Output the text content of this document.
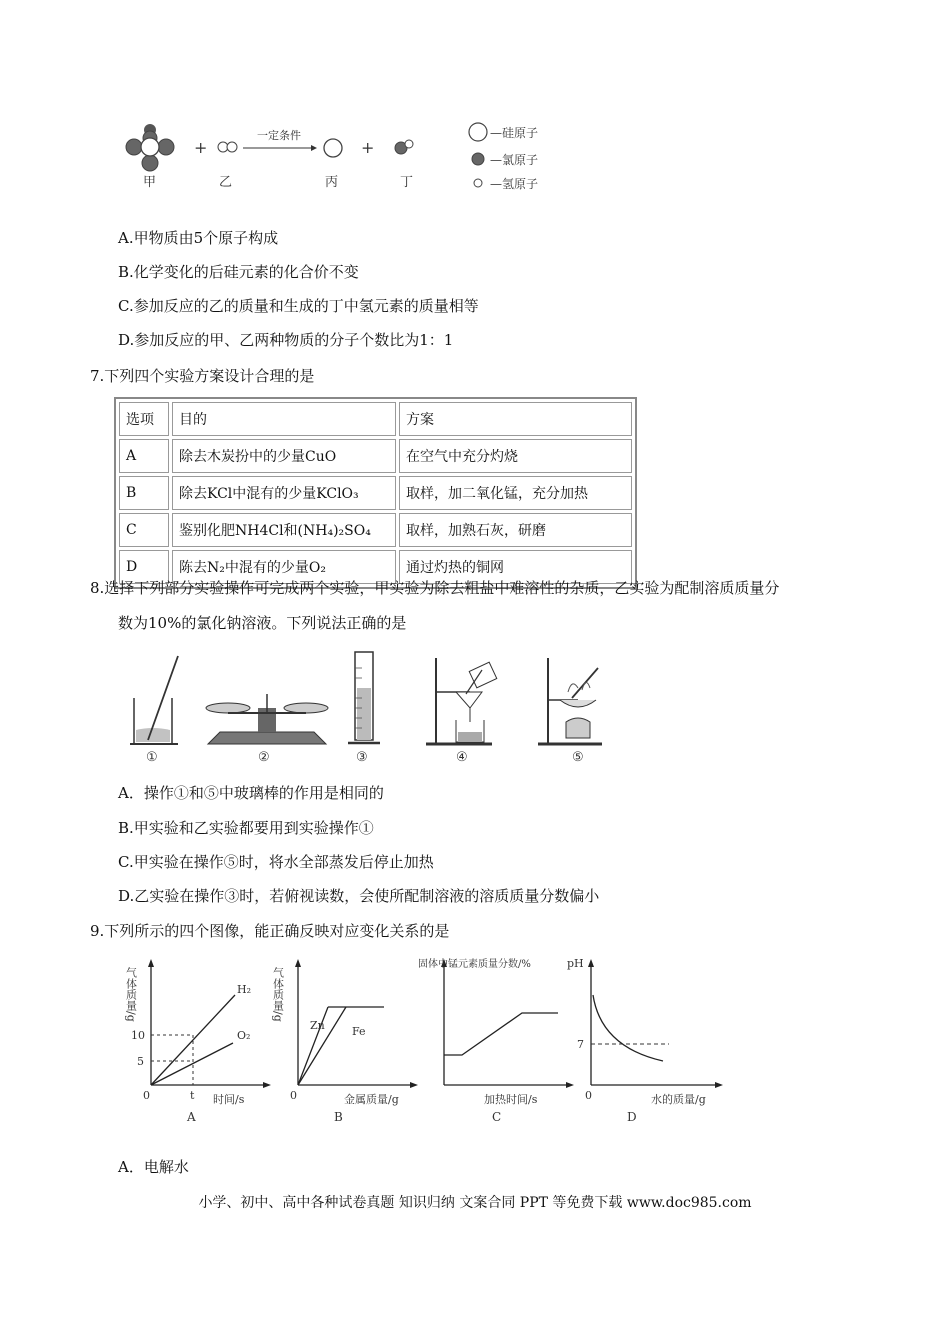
+
一定条件
+
甲	乙	丙	丁
—硅原子
—氯原子
—氢原子
A.甲物质由5个原子构成
B.化学变化的后硅元素的化合价不变
C.参加反应的乙的质量和生成的丁中氢元素的质量相等
D.参加反应的甲、乙两种物质的分子个数比为1：1
7.下列四个实验方案设计合理的是
选项	目的	方案
A	除去木炭扮中的少量CuO	在空气中充分灼烧
B	除去KCl中混有的少量KClO₃	取样，加二氧化锰，充分加热
C	鉴别化肥NH4Cl和(NH₄)₂SO₄	取样，加熟石灰，研磨
D	陈去N₂中混有的少量O₂	通过灼热的铜网
8.选择下列部分实验操作可完成两个实验，甲实验为除去粗盐中难溶性的杂质，乙实验为配制溶质质量分
数为10%的氯化钠溶液。下列说法正确的是
①	②	③	④	⑤
A．操作①和⑤中玻璃棒的作用是相同的
B.甲实验和乙实验都要用到实验操作①
C.甲实验在操作⑤时，将水全部蒸发后停止加热
D.乙实验在操作③时，若俯视读数，会使所配制溶液的溶质质量分数偏小
9.下列所示的四个图像，能正确反映对应变化关系的是
气体质量/g
10
5
0	t
H₂
O₂
时间/s
A
气体质量/g
Zn Fe
0	金属质量/g
B
固体中锰元素质量分数/%
加热时间/s
C
pH
7
0	水的质量/g
D
A．电解水
小学、初中、高中各种试卷真题 知识归纳 文案合同 PPT 等免费下载 www.doc985.com
